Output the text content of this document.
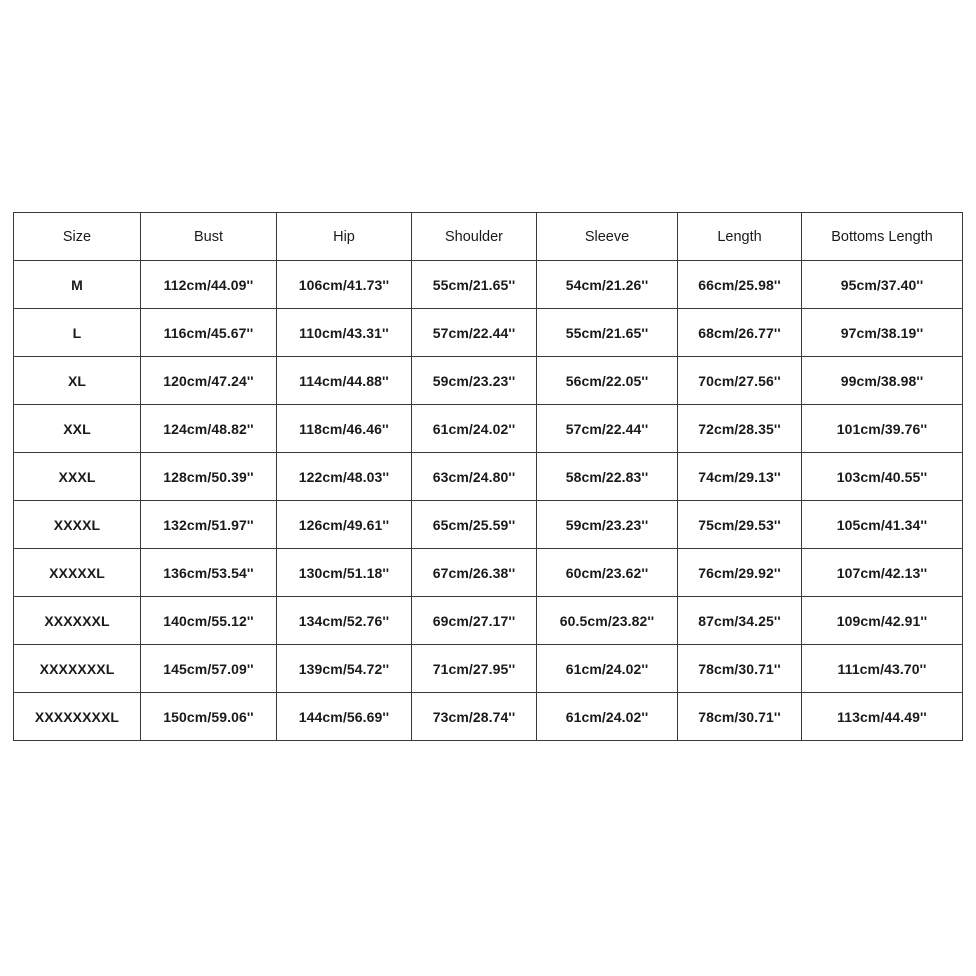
Size	Bust	Hip	Shoulder	Sleeve	Length	Bottoms Length
M	112cm/44.09''	106cm/41.73''	55cm/21.65''	54cm/21.26''	66cm/25.98''	95cm/37.40''
L	116cm/45.67''	110cm/43.31''	57cm/22.44''	55cm/21.65''	68cm/26.77''	97cm/38.19''
XL	120cm/47.24''	114cm/44.88''	59cm/23.23''	56cm/22.05''	70cm/27.56''	99cm/38.98''
XXL	124cm/48.82''	118cm/46.46''	61cm/24.02''	57cm/22.44''	72cm/28.35''	101cm/39.76''
XXXL	128cm/50.39''	122cm/48.03''	63cm/24.80''	58cm/22.83''	74cm/29.13''	103cm/40.55''
XXXXL	132cm/51.97''	126cm/49.61''	65cm/25.59''	59cm/23.23''	75cm/29.53''	105cm/41.34''
XXXXXL	136cm/53.54''	130cm/51.18''	67cm/26.38''	60cm/23.62''	76cm/29.92''	107cm/42.13''
XXXXXXL	140cm/55.12''	134cm/52.76''	69cm/27.17''	60.5cm/23.82''	87cm/34.25''	109cm/42.91''
XXXXXXXL	145cm/57.09''	139cm/54.72''	71cm/27.95''	61cm/24.02''	78cm/30.71''	111cm/43.70''
XXXXXXXXL	150cm/59.06''	144cm/56.69''	73cm/28.74''	61cm/24.02''	78cm/30.71''	113cm/44.49''
